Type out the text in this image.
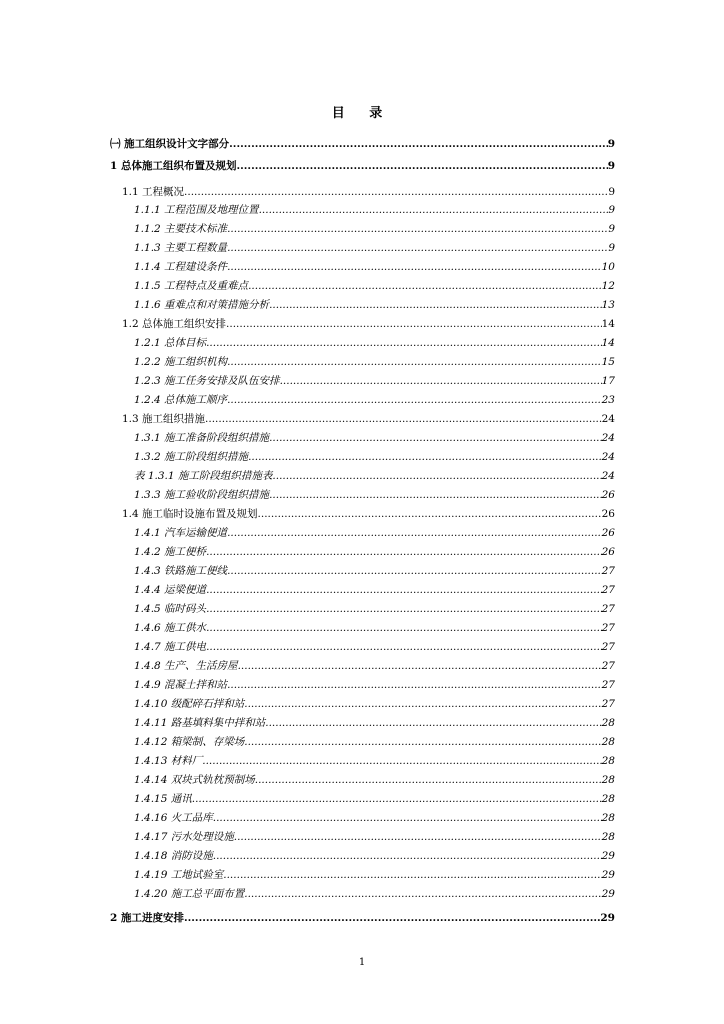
目 录
㈠ 施工组织设计文字部分 .....	9
1 总体施工组织布置及规划 .....	9
1.1 工程概况 .....	9
1.1.1 工程范围及地理位置 .....	9
1.1.2 主要技术标准 .....	9
1.1.3 主要工程数量 .....	9
1.1.4 工程建设条件 .....	10
1.1.5 工程特点及重难点 .....	12
1.1.6 重难点和对策措施分析 .....	13
1.2 总体施工组织安排 .....	14
1.2.1 总体目标 .....	14
1.2.2 施工组织机构 .....	15
1.2.3 施工任务安排及队伍安排 .....	17
1.2.4 总体施工顺序 .....	23
1.3 施工组织措施 .....	24
1.3.1 施工准备阶段组织措施 .....	24
1.3.2 施工阶段组织措施 .....	24
表 1.3.1 施工阶段组织措施表 .....	24
1.3.3 施工验收阶段组织措施 .....	26
1.4 施工临时设施布置及规划 .....	26
1.4.1 汽车运输便道 .....	26
1.4.2 施工便桥 .....	26
1.4.3 铁路施工便线 .....	27
1.4.4 运梁便道 .....	27
1.4.5 临时码头 .....	27
1.4.6 施工供水 .....	27
1.4.7 施工供电 .....	27
1.4.8 生产、生活房屋 .....	27
1.4.9 混凝土拌和站 .....	27
1.4.10 级配碎石拌和站 .....	27
1.4.11 路基填料集中拌和站 .....	28
1.4.12 箱梁制、存梁场 .....	28
1.4.13 材料厂 .....	28
1.4.14 双块式轨枕预制场 .....	28
1.4.15 通讯 .....	28
1.4.16 火工品库 .....	28
1.4.17 污水处理设施 .....	28
1.4.18 消防设施 .....	29
1.4.19 工地试验室 .....	29
1.4.20 施工总平面布置 .....	29
2 施工进度安排 .....	29
1
